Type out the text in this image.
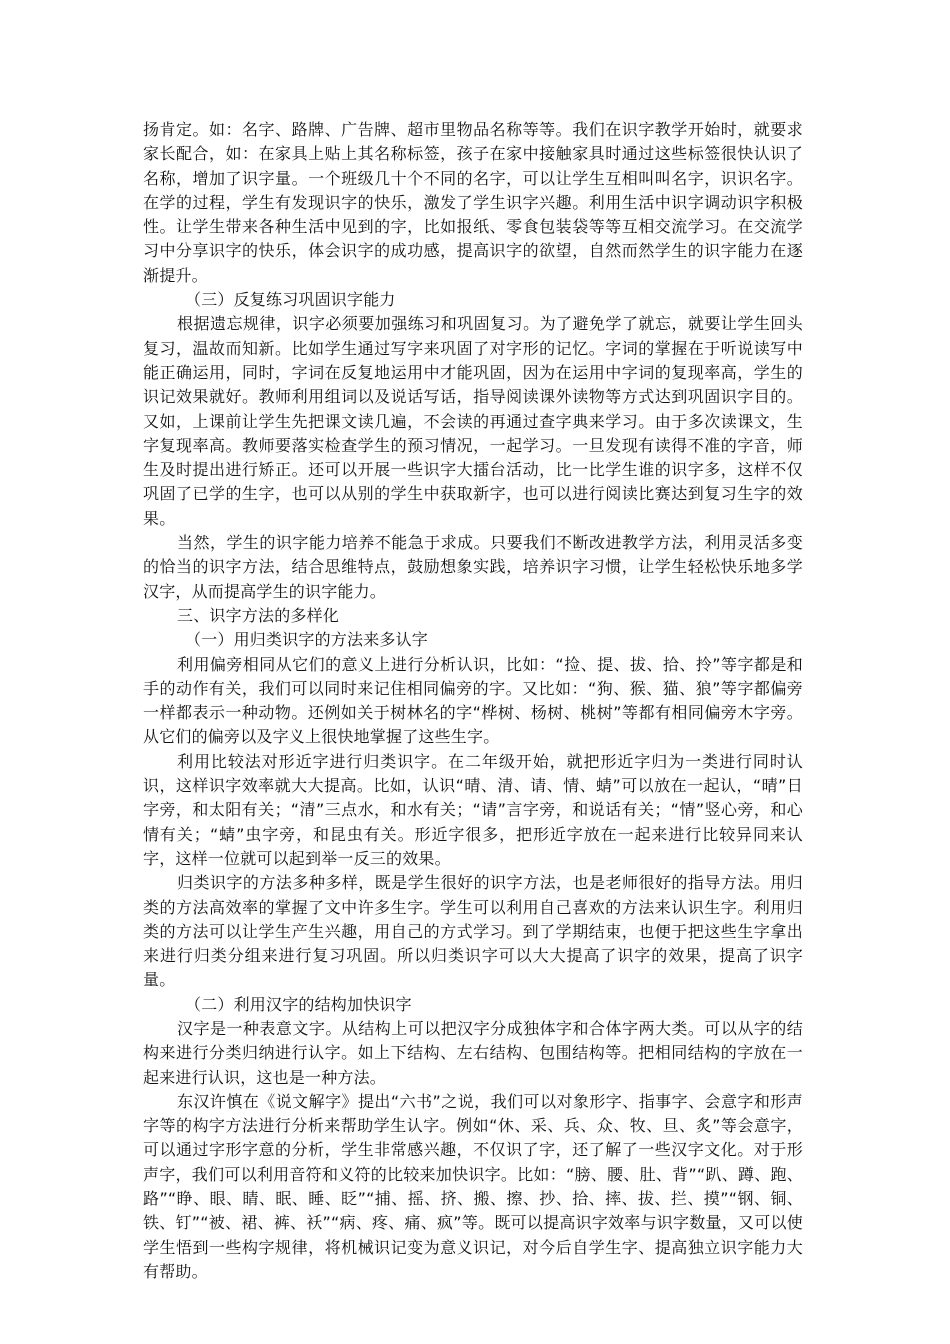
扬肯定。如：名字、路牌、广告牌、超市里物品名称等等。我们在识字教学开始时，就要求家长配合，如：在家具上贴上其名称标签，孩子在家中接触家具时通过这些标签很快认识了名称，增加了识字量。一个班级几十个不同的名字，可以让学生互相叫叫名字，识识名字。在学的过程，学生有发现识字的快乐，激发了学生识字兴趣。利用生活中识字调动识字积极性。让学生带来各种生活中见到的字，比如报纸、零食包装袋等等互相交流学习。在交流学习中分享识字的快乐，体会识字的成功感，提高识字的欲望，自然而然学生的识字能力在逐渐提升。

（三）反复练习巩固识字能力

根据遗忘规律，识字必须要加强练习和巩固复习。为了避免学了就忘，就要让学生回头复习，温故而知新。比如学生通过写字来巩固了对字形的记忆。字词的掌握在于听说读写中能正确运用，同时，字词在反复地运用中才能巩固，因为在运用中字词的复现率高，学生的识记效果就好。教师利用组词以及说话写话，指导阅读课外读物等方式达到巩固识字目的。又如，上课前让学生先把课文读几遍，不会读的再通过查字典来学习。由于多次读课文，生字复现率高。教师要落实检查学生的预习情况，一起学习。一旦发现有读得不准的字音，师生及时提出进行矫正。还可以开展一些识字大擂台活动，比一比学生谁的识字多，这样不仅巩固了已学的生字，也可以从别的学生中获取新字，也可以进行阅读比赛达到复习生字的效果。

当然，学生的识字能力培养不能急于求成。只要我们不断改进教学方法，利用灵活多变的恰当的识字方法，结合思维特点，鼓励想象实践，培养识字习惯，让学生轻松快乐地多学汉字，从而提高学生的识字能力。

三、识字方法的多样化

（一）用归类识字的方法来多认字

利用偏旁相同从它们的意义上进行分析认识，比如：“捡、提、拔、拾、拎”等字都是和手的动作有关，我们可以同时来记住相同偏旁的字。又比如：“狗、猴、猫、狼”等字都偏旁一样都表示一种动物。还例如关于树林名的字“桦树、杨树、桃树”等都有相同偏旁木字旁。从它们的偏旁以及字义上很快地掌握了这些生字。

利用比较法对形近字进行归类识字。在二年级开始，就把形近字归为一类进行同时认识，这样识字效率就大大提高。比如，认识“晴、清、请、情、蜻”可以放在一起认，“晴”日字旁，和太阳有关；“清”三点水，和水有关；“请”言字旁，和说话有关；“情”竖心旁，和心情有关；“蜻”虫字旁，和昆虫有关。形近字很多，把形近字放在一起来进行比较异同来认字，这样一位就可以起到举一反三的效果。

归类识字的方法多种多样，既是学生很好的识字方法，也是老师很好的指导方法。用归类的方法高效率的掌握了文中许多生字。学生可以利用自己喜欢的方法来认识生字。利用归类的方法可以让学生产生兴趣，用自己的方式学习。到了学期结束，也便于把这些生字拿出来进行归类分组来进行复习巩固。所以归类识字可以大大提高了识字的效果，提高了识字量。

（二）利用汉字的结构加快识字

汉字是一种表意文字。从结构上可以把汉字分成独体字和合体字两大类。可以从字的结构来进行分类归纳进行认字。如上下结构、左右结构、包围结构等。把相同结构的字放在一起来进行认识，这也是一种方法。

东汉许慎在《说文解字》提出“六书”之说，我们可以对象形字、指事字、会意字和形声字等的构字方法进行分析来帮助学生认字。例如“休、采、兵、众、牧、旦、炙”等会意字，可以通过字形字意的分析，学生非常感兴趣，不仅识了字，还了解了一些汉字文化。对于形声字，我们可以利用音符和义符的比较来加快识字。比如：“膀、腰、肚、背”“趴、蹲、跑、路”“睁、眼、睛、眠、睡、眨”“捕、摇、挤、搬、擦、抄、拾、摔、拔、拦、摸”“钢、铜、铁、钉”“被、裙、裤、袄”“病、疼、痛、疯”等。既可以提高识字效率与识字数量，又可以使学生悟到一些构字规律，将机械识记变为意义识记，对今后自学生字、提高独立识字能力大有帮助。
